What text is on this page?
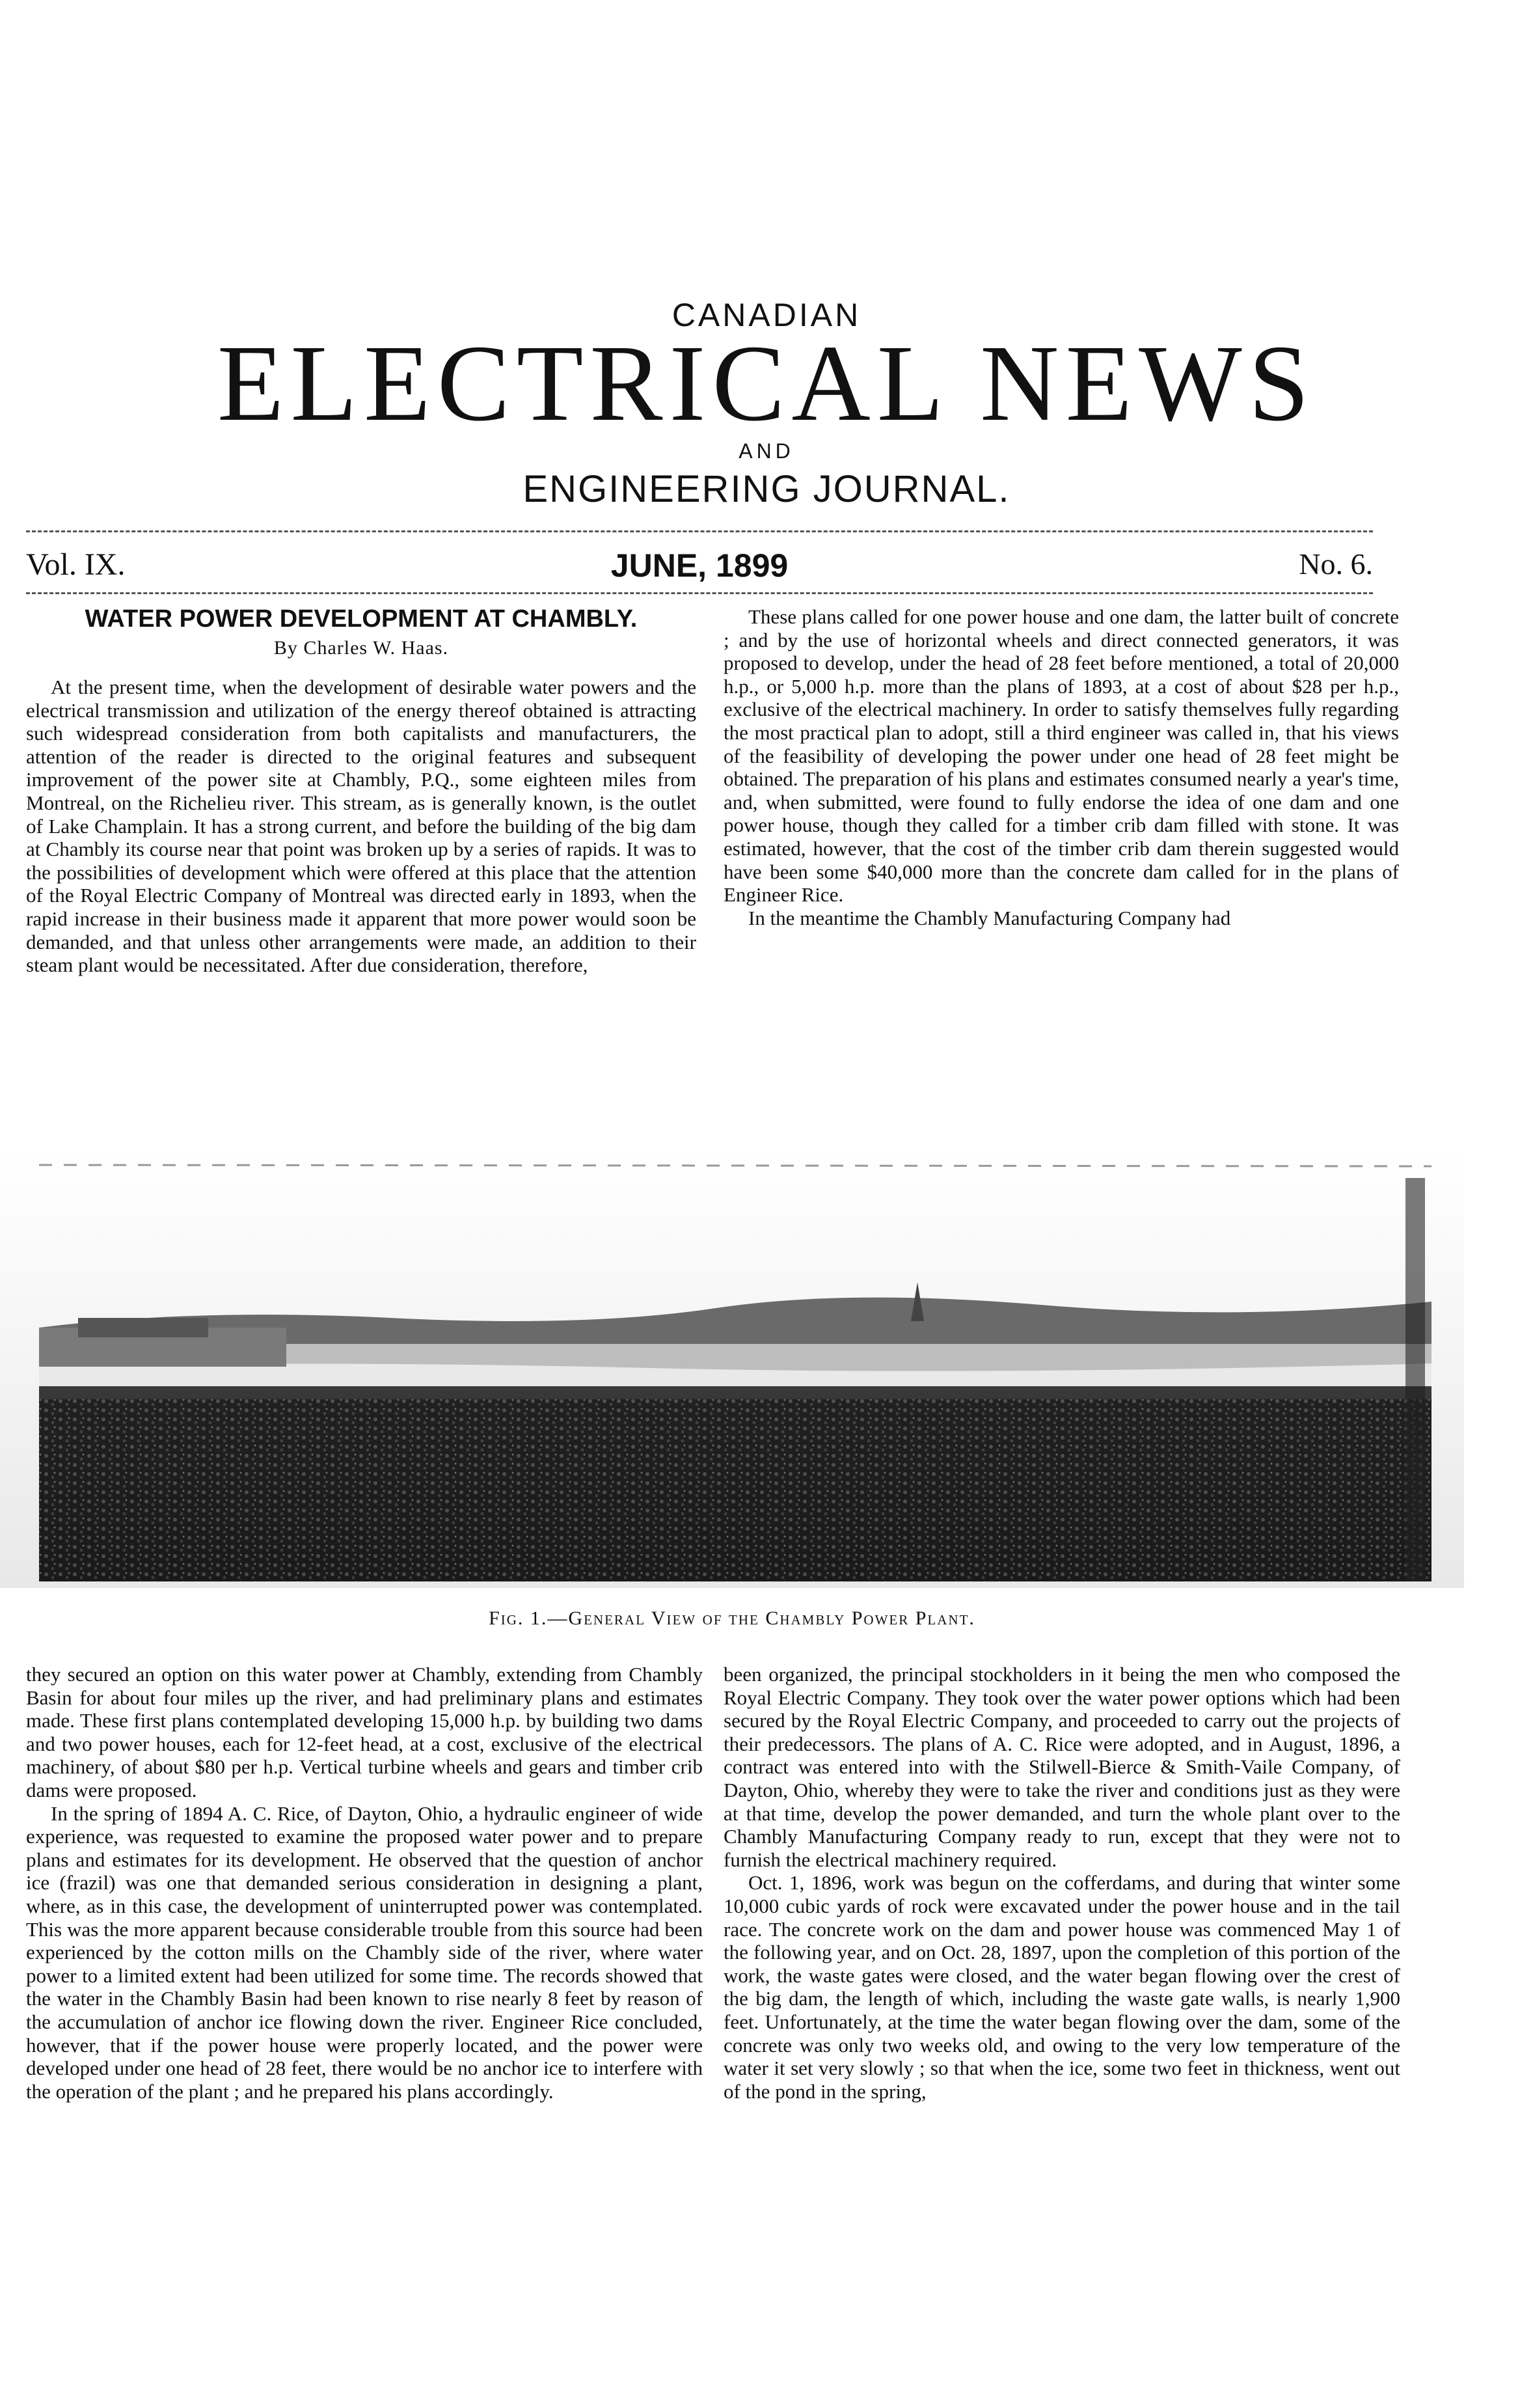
CANADIAN
ELECTRICAL NEWS
AND
ENGINEERING JOURNAL.
Vol. IX.	JUNE, 1899	No. 6.
WATER POWER DEVELOPMENT AT CHAMBLY.
By Charles W. Haas.

At the present time, when the development of desirable water powers and the electrical transmission and utilization of the energy thereof obtained is attracting such widespread consideration from both capitalists and manufacturers, the attention of the reader is directed to the original features and subsequent improvement of the power site at Chambly, P.Q., some eighteen miles from Montreal, on the Richelieu river. This stream, as is generally known, is the outlet of Lake Champlain. It has a strong current, and before the building of the big dam at Chambly its course near that point was broken up by a series of rapids. It was to the possibilities of development which were offered at this place that the attention of the Royal Electric Company of Montreal was directed early in 1893, when the rapid increase in their business made it apparent that more power would soon be demanded, and that unless other arrangements were made, an addition to their steam plant would be necessitated. After due consideration, therefore,

These plans called for one power house and one dam, the latter built of concrete ; and by the use of horizontal wheels and direct connected generators, it was proposed to develop, under the head of 28 feet before mentioned, a total of 20,000 h.p., or 5,000 h.p. more than the plans of 1893, at a cost of about $28 per h.p., exclusive of the electrical machinery. In order to satisfy themselves fully regarding the most practical plan to adopt, still a third engineer was called in, that his views of the feasibility of developing the power under one head of 28 feet might be obtained. The preparation of his plans and estimates consumed nearly a year's time, and, when submitted, were found to fully endorse the idea of one dam and one power house, though they called for a timber crib dam filled with stone. It was estimated, however, that the cost of the timber crib dam therein suggested would have been some $40,000 more than the concrete dam called for in the plans of Engineer Rice.

In the meantime the Chambly Manufacturing Company had

Fig. 1.—General View of the Chambly Power Plant.

they secured an option on this water power at Chambly, extending from Chambly Basin for about four miles up the river, and had preliminary plans and estimates made. These first plans contemplated developing 15,000 h.p. by building two dams and two power houses, each for 12-feet head, at a cost, exclusive of the electrical machinery, of about $80 per h.p. Vertical turbine wheels and gears and timber crib dams were proposed.

In the spring of 1894 A. C. Rice, of Dayton, Ohio, a hydraulic engineer of wide experience, was requested to examine the proposed water power and to prepare plans and estimates for its development. He observed that the question of anchor ice (frazil) was one that demanded serious consideration in designing a plant, where, as in this case, the development of uninterrupted power was contemplated. This was the more apparent because considerable trouble from this source had been experienced by the cotton mills on the Chambly side of the river, where water power to a limited extent had been utilized for some time. The records showed that the water in the Chambly Basin had been known to rise nearly 8 feet by reason of the accumulation of anchor ice flowing down the river. Engineer Rice concluded, however, that if the power house were properly located, and the power were developed under one head of 28 feet, there would be no anchor ice to interfere with the operation of the plant ; and he prepared his plans accordingly.

been organized, the principal stockholders in it being the men who composed the Royal Electric Company. They took over the water power options which had been secured by the Royal Electric Company, and proceeded to carry out the projects of their predecessors. The plans of A. C. Rice were adopted, and in August, 1896, a contract was entered into with the Stilwell-Bierce & Smith-Vaile Company, of Dayton, Ohio, whereby they were to take the river and conditions just as they were at that time, develop the power demanded, and turn the whole plant over to the Chambly Manufacturing Company ready to run, except that they were not to furnish the electrical machinery required.

Oct. 1, 1896, work was begun on the cofferdams, and during that winter some 10,000 cubic yards of rock were excavated under the power house and in the tail race. The concrete work on the dam and power house was commenced May 1 of the following year, and on Oct. 28, 1897, upon the completion of this portion of the work, the waste gates were closed, and the water began flowing over the crest of the big dam, the length of which, including the waste gate walls, is nearly 1,900 feet. Unfortunately, at the time the water began flowing over the dam, some of the concrete was only two weeks old, and owing to the very low temperature of the water it set very slowly ; so that when the ice, some two feet in thickness, went out of the pond in the spring,
